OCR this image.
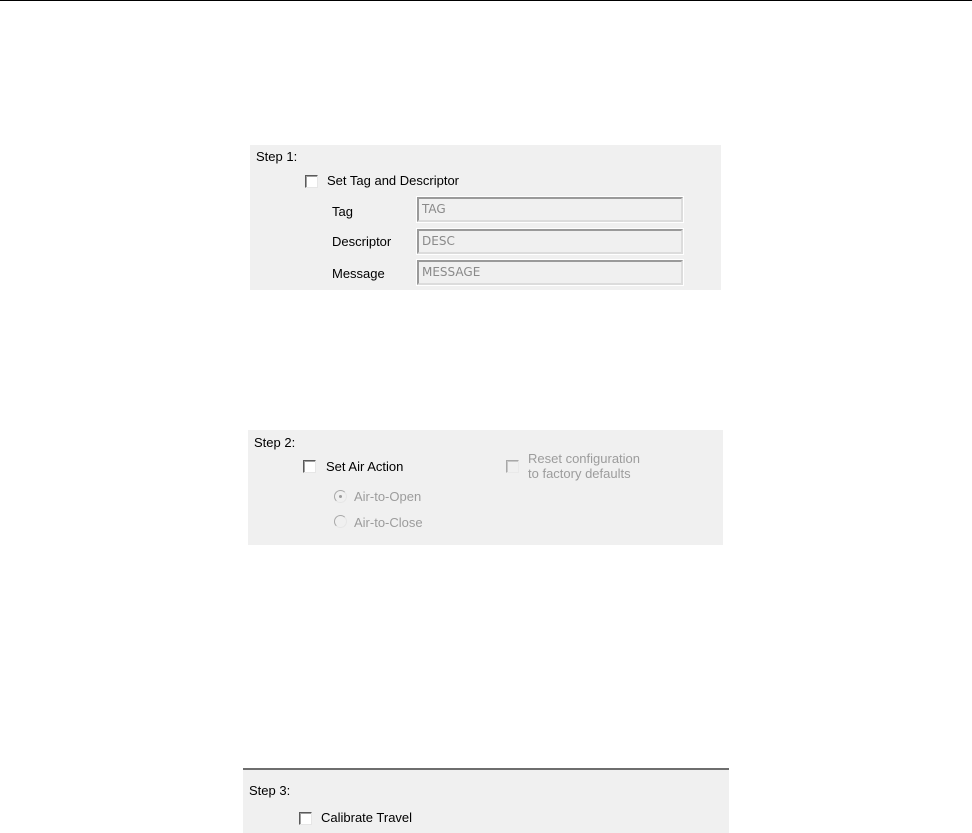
Step 1:
Set Tag and Descriptor
Tag	TAG
Descriptor	DESC
Message	MESSAGE
Step 2:
Set Air Action
Air-to-Open
Air-to-Close
Reset configuration
to factory defaults
Step 3:
Calibrate Travel
